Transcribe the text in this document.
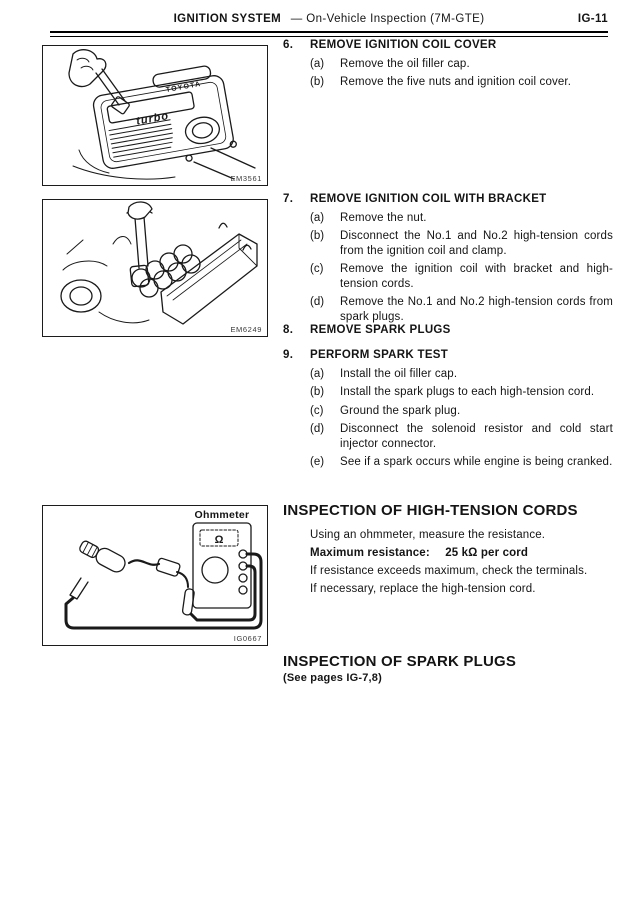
IGNITION SYSTEM — On-Vehicle Inspection (7M-GTE)	IG-11
TOYOTA
turbo
EM3561
EM6249
Ohmmeter
Ω
IG0667
6.	REMOVE IGNITION COIL COVER
(a)	Remove the oil filler cap.
(b)	Remove the five nuts and ignition coil cover.
7.	REMOVE IGNITION COIL WITH BRACKET
(a)	Remove the nut.
(b)	Disconnect the No.1 and No.2 high-tension cords from the ignition coil and clamp.
(c)	Remove the ignition coil with bracket and high-tension cords.
(d)	Remove the No.1 and No.2 high-tension cords from spark plugs.
8.	REMOVE SPARK PLUGS
9.	PERFORM SPARK TEST
(a)	Install the oil filler cap.
(b)	Install the spark plugs to each high-tension cord.
(c)	Ground the spark plug.
(d)	Disconnect the solenoid resistor and cold start injector connector.
(e)	See if a spark occurs while engine is being cranked.
INSPECTION OF HIGH-TENSION CORDS
Using an ohmmeter, measure the resistance.
Maximum resistance: 25 kΩ per cord
If resistance exceeds maximum, check the terminals.
If necessary, replace the high-tension cord.
INSPECTION OF SPARK PLUGS
(See pages IG-7,8)
